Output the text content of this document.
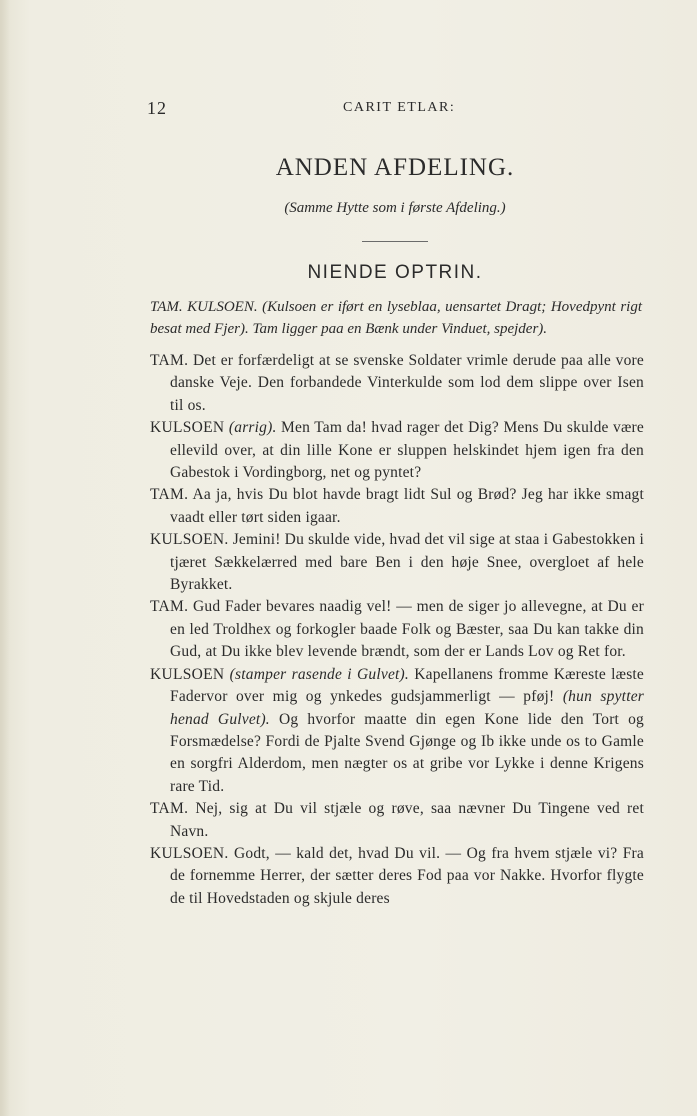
12	CARIT ETLAR:
ANDEN AFDELING.
(Samme Hytte som i første Afdeling.)
NIENDE OPTRIN.
TAM. KULSOEN. (Kulsoen er iført en lyseblaa, uensartet Dragt; Hovedpynt rigt besat med Fjer). Tam ligger paa en Bænk under Vinduet, spejder).

TAM. Det er forfærdeligt at se svenske Soldater vrimle derude paa alle vore danske Veje. Den forbandede Vinterkulde som lod dem slippe over Isen til os.

KULSOEN (arrig). Men Tam da! hvad rager det Dig? Mens Du skulde være ellevild over, at din lille Kone er sluppen helskindet hjem igen fra den Gabestok i Vordingborg, net og pyntet?

TAM. Aa ja, hvis Du blot havde bragt lidt Sul og Brød? Jeg har ikke smagt vaadt eller tørt siden igaar.

KULSOEN. Jemini! Du skulde vide, hvad det vil sige at staa i Gabestokken i tjæret Sækkelærred med bare Ben i den høje Snee, overgloet af hele Byrakket.

TAM. Gud Fader bevares naadig vel! — men de siger jo allevegne, at Du er en led Troldhex og forkogler baade Folk og Bæster, saa Du kan takke din Gud, at Du ikke blev levende brændt, som der er Lands Lov og Ret for.

KULSOEN (stamper rasende i Gulvet). Kapellanens fromme Kæreste læste Fadervor over mig og ynkedes gudsjammerligt — pføj! (hun spytter henad Gulvet). Og hvorfor maatte din egen Kone lide den Tort og Forsmædelse? Fordi de Pjalte Svend Gjønge og Ib ikke unde os to Gamle en sorgfri Alderdom, men nægter os at gribe vor Lykke i denne Krigens rare Tid.

TAM. Nej, sig at Du vil stjæle og røve, saa nævner Du Tingene ved ret Navn.

KULSOEN. Godt, — kald det, hvad Du vil. — Og fra hvem stjæle vi? Fra de fornemme Herrer, der sætter deres Fod paa vor Nakke. Hvorfor flygte de til Hovedstaden og skjule deres
